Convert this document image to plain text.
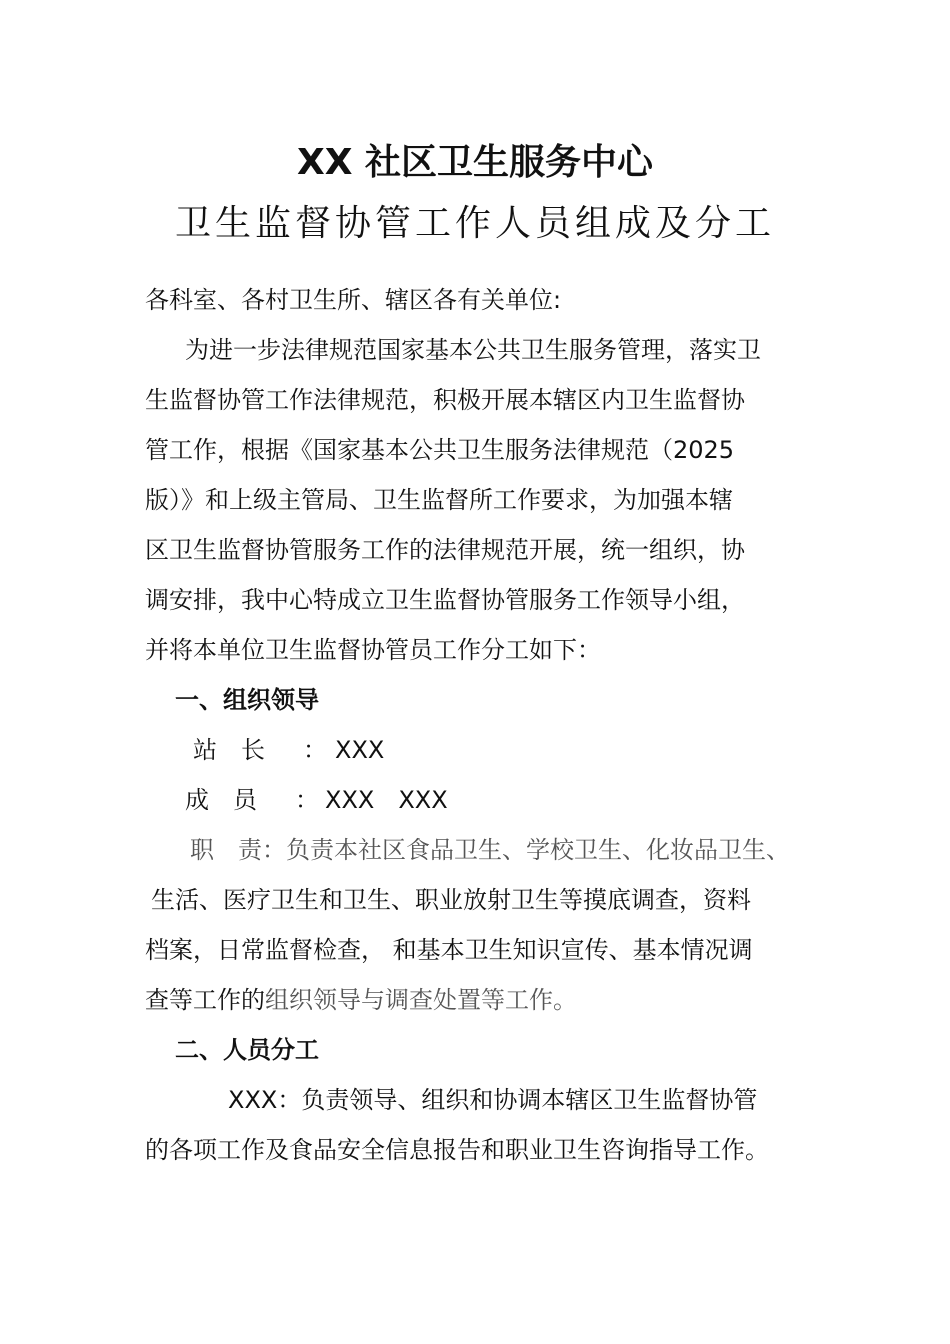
XX 社区卫生服务中心
卫生监督协管工作人员组成及分工
各科室、各村卫生所、辖区各有关单位:
为进一步法律规范国家基本公共卫生服务管理，落实卫
生监督协管工作法律规范，积极开展本辖区内卫生监督协
管工作，根据《国家基本公共卫生服务法律规范（2025
版）》和上级主管局、卫生监督所工作要求，为加强本辖
区卫生监督协管服务工作的法律规范开展，统一组织，协
调安排，我中心特成立卫生监督协管服务工作领导小组，
并将本单位卫生监督协管员工作分工如下：
一、组织领导
站　长 ： XXX
成　员 ： XXX　XXX
职　责：负责本社区食品卫生、学校卫生、化妆品卫生、
生活、医疗卫生和卫生、职业放射卫生等摸底调查，资料
档案，日常监督检查， 和基本卫生知识宣传、基本情况调
查等工作的组织领导与调查处置等工作。
二、人员分工
XXX：负责领导、组织和协调本辖区卫生监督协管
的各项工作及食品安全信息报告和职业卫生咨询指导工作。
